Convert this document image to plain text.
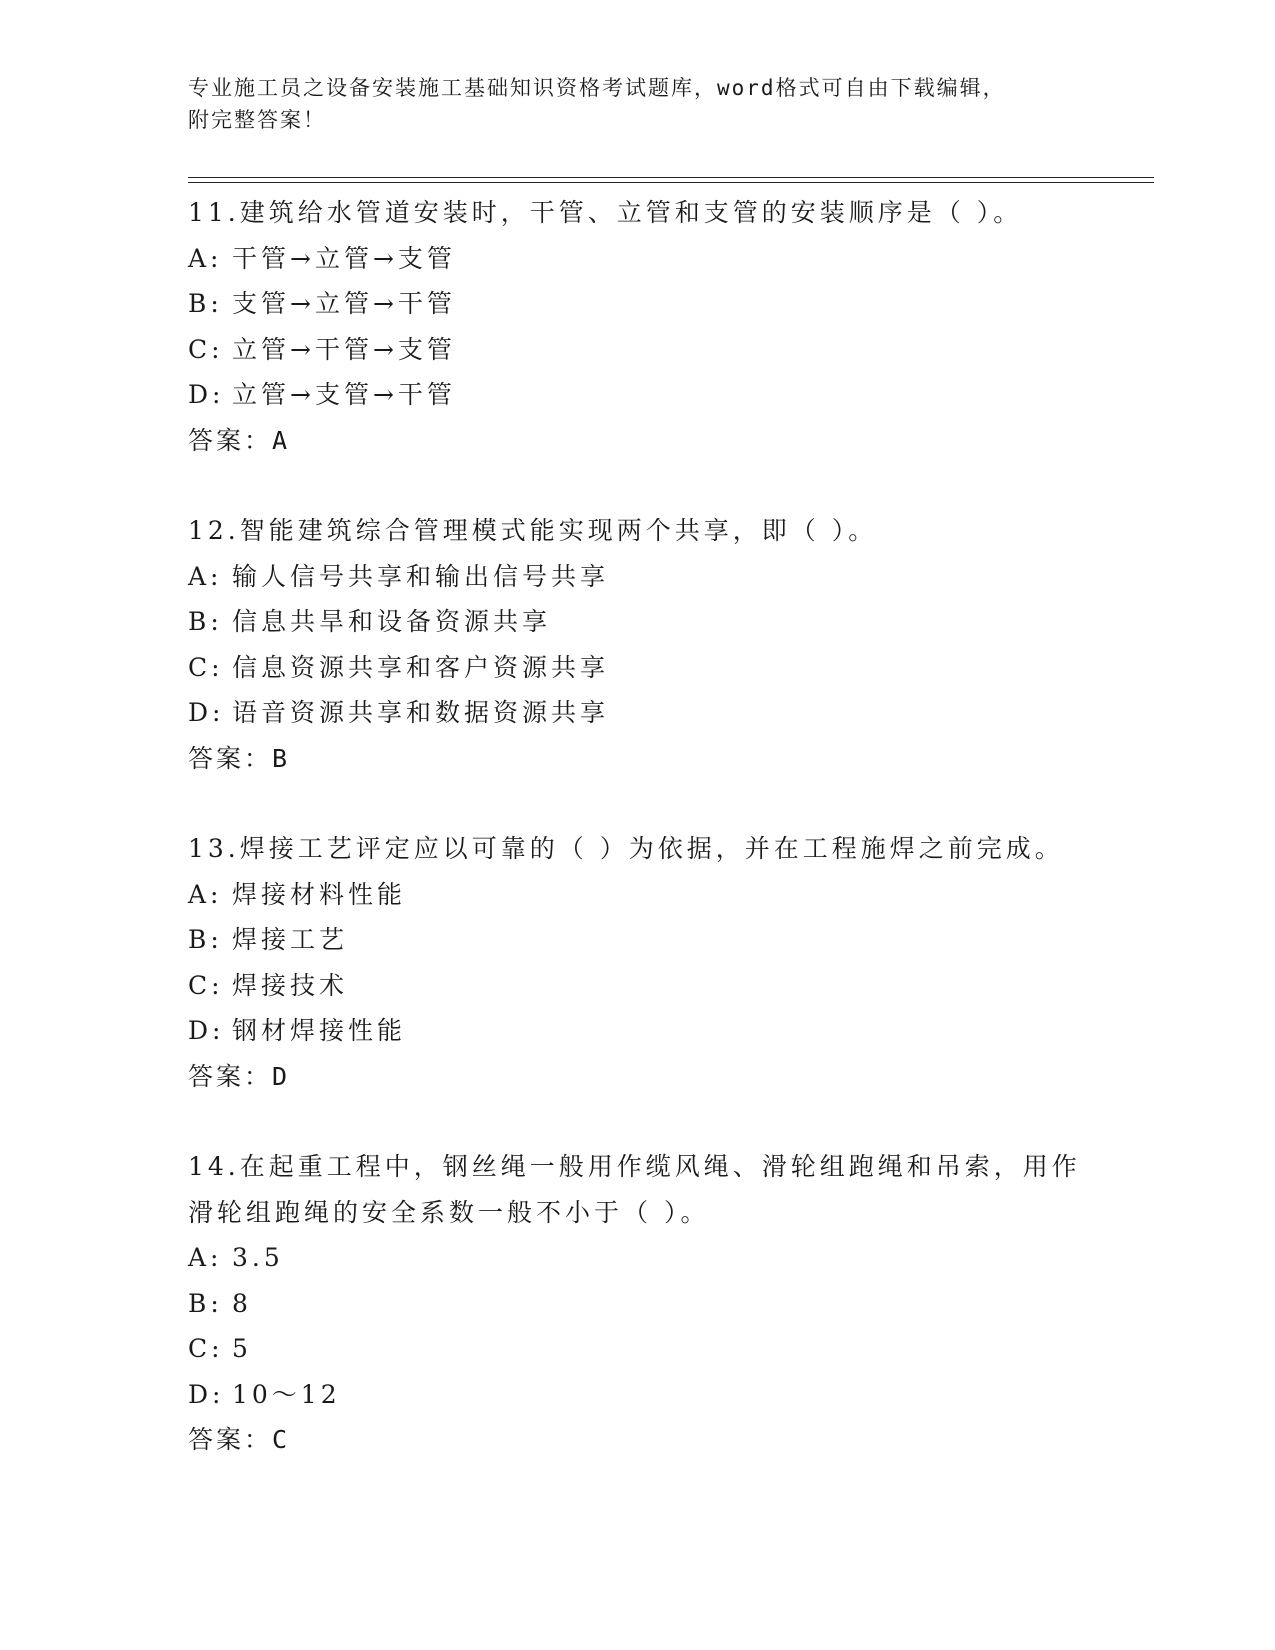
专业施工员之设备安装施工基础知识资格考试题库，word格式可自由下载编辑，
附完整答案！
11.建筑给水管道安装时，干管、立管和支管的安装顺序是（ ）。
A: 干管→立管→支管
B: 支管→立管→干管
C: 立管→干管→支管
D: 立管→支管→干管
答案：A
12.智能建筑综合管理模式能实现两个共享，即（ ）。
A: 输人信号共享和输出信号共享
B: 信息共旱和设备资源共享
C: 信息资源共享和客户资源共享
D: 语音资源共享和数据资源共享
答案：B
13.焊接工艺评定应以可靠的（ ）为依据，并在工程施焊之前完成。
A: 焊接材料性能
B: 焊接工艺
C: 焊接技术
D: 钢材焊接性能
答案：D
14.在起重工程中，钢丝绳一般用作缆风绳、滑轮组跑绳和吊索，用作
滑轮组跑绳的安全系数一般不小于（ ）。
A: 3.5
B: 8
C: 5
D: 10～12
答案：C
